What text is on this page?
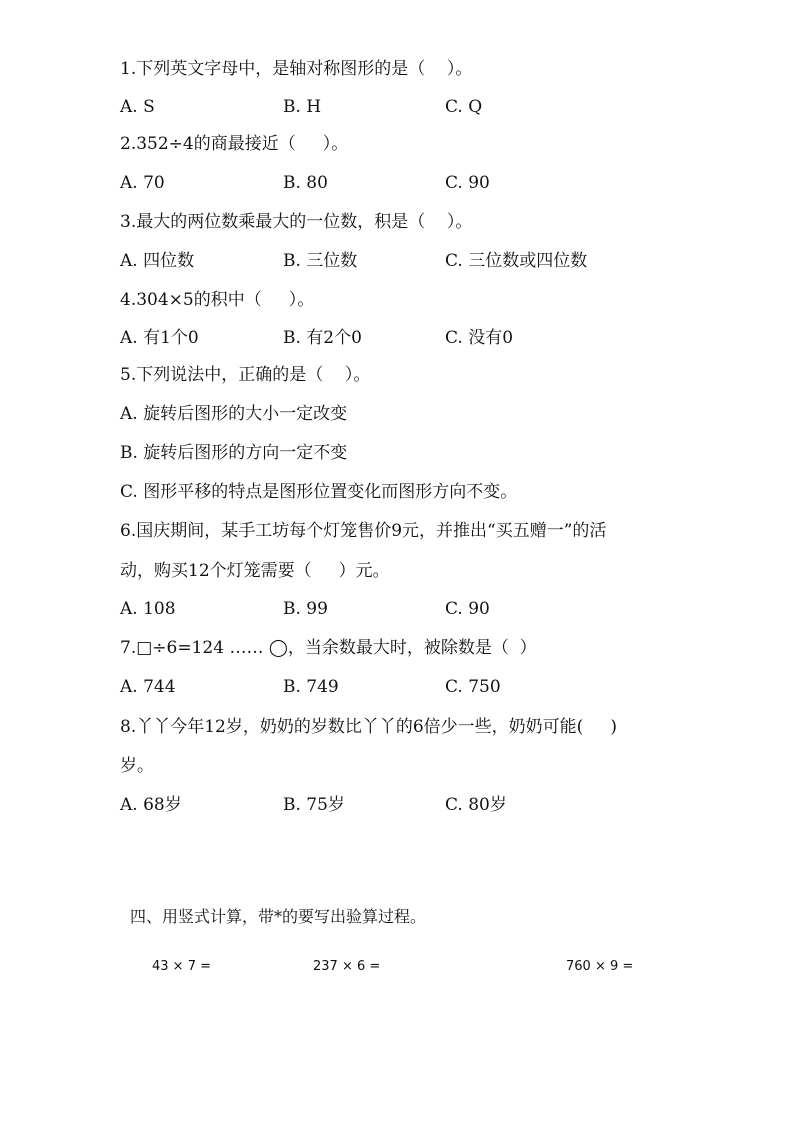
1.下列英文字母中，是轴对称图形的是（    ）。
A. S	B. H	C. Q
2.352÷4的商最接近（     ）。
A. 70	B. 80	C. 90
3.最大的两位数乘最大的一位数，积是（    ）。
A. 四位数	B. 三位数	C. 三位数或四位数
4.304×5的积中（     ）。
A. 有1个0	B. 有2个0	C. 没有0
5.下列说法中，正确的是（    ）。
A. 旋转后图形的大小一定改变
B. 旋转后图形的方向一定不变
C. 图形平移的特点是图形位置变化而图形方向不变。
6.国庆期间，某手工坊每个灯笼售价9元，并推出“买五赠一”的活
动，购买12个灯笼需要（     ）元。
A. 108	B. 99	C. 90
7.□÷6=124 …… ◯，当余数最大时，被除数是（  ）
A. 744	B. 749	C. 750
8.丫丫今年12岁，奶奶的岁数比丫丫的6倍少一些，奶奶可能(     )
岁。
A. 68岁	B. 75岁	C. 80岁
四、用竖式计算，带*的要写出验算过程。
43 × 7 =	237 × 6 =	760 × 9 =
